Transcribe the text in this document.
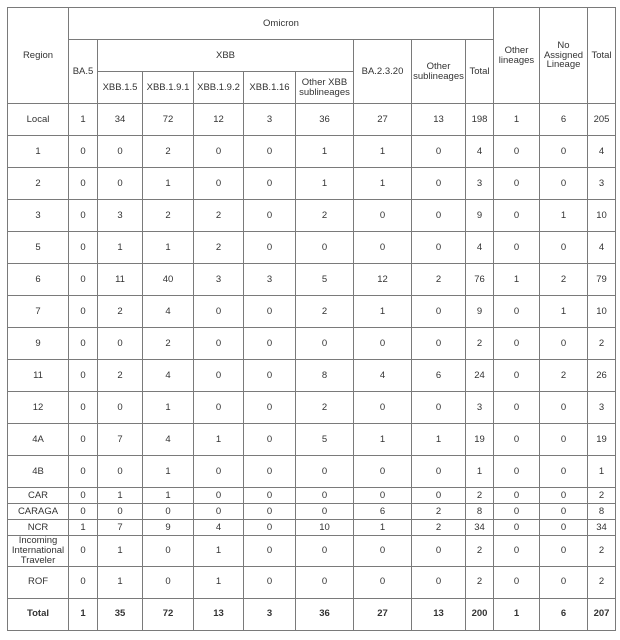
Region	Omicron									Other lineages	No Assigned Lineage	Total
	BA.5	XBB					BA.2.3.20	Other sublineages	Total			
		XBB.1.5	XBB.1.9.1	XBB.1.9.2	XBB.1.16	Other XBB sublineages						
Local	1	34	72	12	3	36	27	13	198	1	6	205
1	0	0	2	0	0	1	1	0	4	0	0	4
2	0	0	1	0	0	1	1	0	3	0	0	3
3	0	3	2	2	0	2	0	0	9	0	1	10
5	0	1	1	2	0	0	0	0	4	0	0	4
6	0	11	40	3	3	5	12	2	76	1	2	79
7	0	2	4	0	0	2	1	0	9	0	1	10
9	0	0	2	0	0	0	0	0	2	0	0	2
11	0	2	4	0	0	8	4	6	24	0	2	26
12	0	0	1	0	0	2	0	0	3	0	0	3
4A	0	7	4	1	0	5	1	1	19	0	0	19
4B	0	0	1	0	0	0	0	0	1	0	0	1
CAR	0	1	1	0	0	0	0	0	2	0	0	2
CARAGA	0	0	0	0	0	0	6	2	8	0	0	8
NCR	1	7	9	4	0	10	1	2	34	0	0	34
Incoming International Traveler	0	1	0	1	0	0	0	0	2	0	0	2
ROF	0	1	0	1	0	0	0	0	2	0	0	2
Total	1	35	72	13	3	36	27	13	200	1	6	207
